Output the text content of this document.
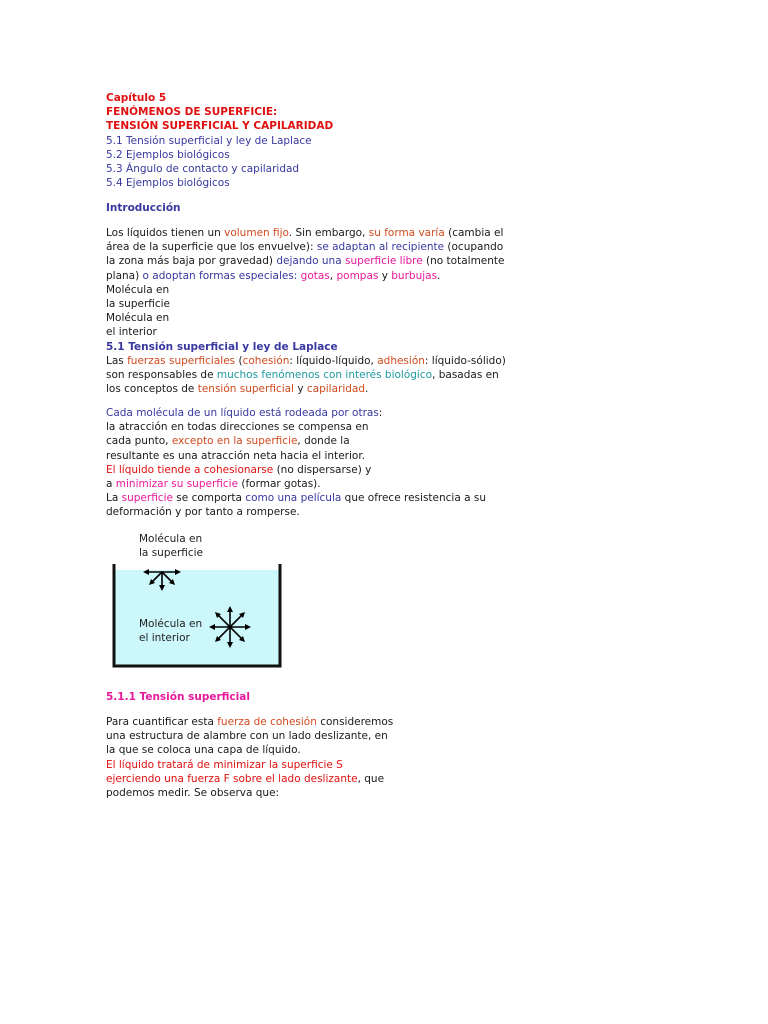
Capítulo 5
FENÓMENOS DE SUPERFICIE:
TENSIÓN SUPERFICIAL Y CAPILARIDAD
5.1 Tensión superficial y ley de Laplace
5.2 Ejemplos biológicos
5.3 Ángulo de contacto y capilaridad
5.4 Ejemplos biológicos
Introducción
Los líquidos tienen un volumen fijo. Sin embargo, su forma varía (cambia el
área de la superficie que los envuelve): se adaptan al recipiente (ocupando
la zona más baja por gravedad) dejando una superficie libre (no totalmente
plana) o adoptan formas especiales: gotas, pompas y burbujas.
Molécula en
la superficie
Molécula en
el interior
5.1 Tensión superficial y ley de Laplace
Las fuerzas superficiales (cohesión: líquido-líquido, adhesión: líquido-sólido)
son responsables de muchos fenómenos con interés biológico, basadas en
los conceptos de tensión superficial y capilaridad.
Cada molécula de un líquido está rodeada por otras:
la atracción en todas direcciones se compensa en
cada punto, excepto en la superficie, donde la
resultante es una atracción neta hacia el interior.
El líquido tiende a cohesionarse (no dispersarse) y
a minimizar su superficie (formar gotas).
La superficie se comporta como una película que ofrece resistencia a su
deformación y por tanto a romperse.
Molécula en
la superficie
Molécula en
el interior
5.1.1 Tensión superficial
Para cuantificar esta fuerza de cohesión consideremos
una estructura de alambre con un lado deslizante, en
la que se coloca una capa de líquido.
El líquido tratará de minimizar la superficie S
ejerciendo una fuerza F sobre el lado deslizante, que
podemos medir. Se observa que:
